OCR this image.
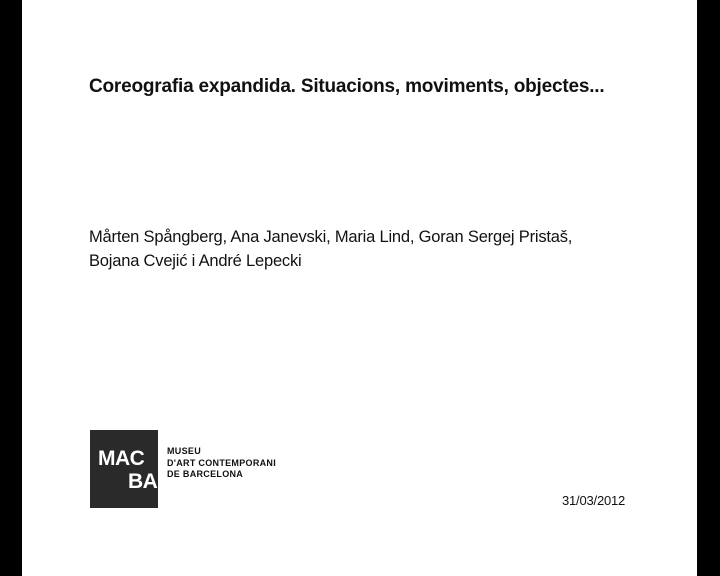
Coreografia expandida. Situacions, moviments, objectes...
Mårten Spångberg, Ana Janevski, Maria Lind, Goran Sergej Pristaš,
Bojana Cvejić i André Lepecki
MAC
BA
MUSEU
D'ART CONTEMPORANI
DE BARCELONA
31/03/2012
